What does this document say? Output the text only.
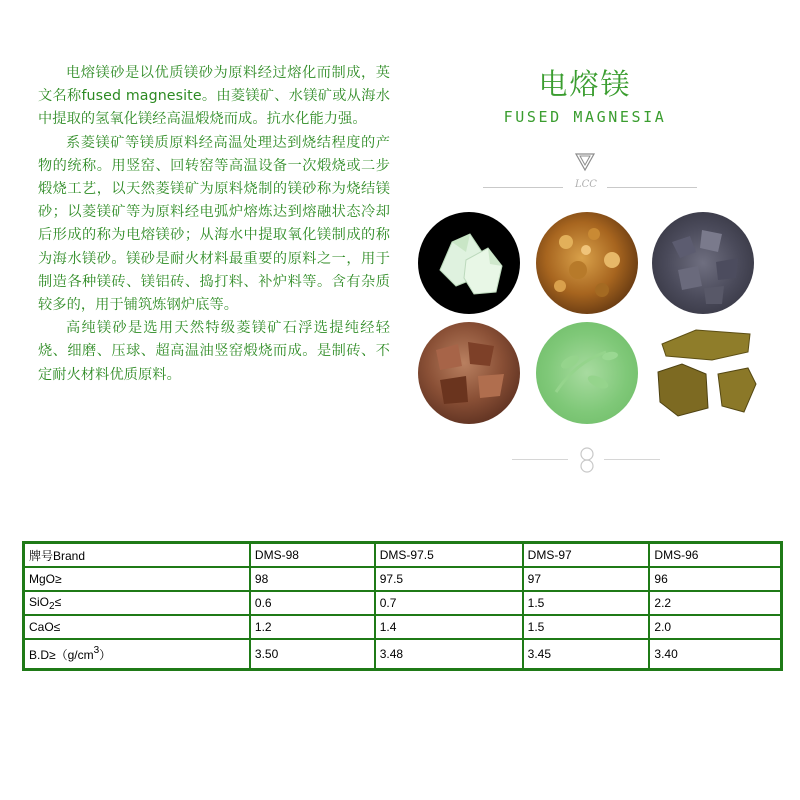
电熔镁砂是以优质镁砂为原料经过熔化而制成，英文名称fused magnesite。由菱镁矿、水镁矿或从海水中提取的氢氧化镁经高温煅烧而成。抗水化能力强。

系菱镁矿等镁质原料经高温处理达到烧结程度的产物的统称。用竖窑、回转窑等高温设备一次煅烧或二步煅烧工艺，以天然菱镁矿为原料烧制的镁砂称为烧结镁砂；以菱镁矿等为原料经电弧炉熔炼达到熔融状态冷却后形成的称为电熔镁砂；从海水中提取氧化镁制成的称为海水镁砂。镁砂是耐火材料最重要的原料之一，用于制造各种镁砖、镁铝砖、捣打料、补炉料等。含有杂质较多的，用于铺筑炼钢炉底等。

高纯镁砂是选用天然特级菱镁矿石浮选提纯经轻烧、细磨、压球、超高温油竖窑煅烧而成。是制砖、不定耐火材料优质原料。

电熔镁
FUSED MAGNESIA
LCC
牌号Brand	DMS-98	DMS-97.5	DMS-97	DMS-96
MgO≥	98	97.5	97	96
SiO$_2$≤	0.6	0.7	1.5	2.2
CaO≤	1.2	1.4	1.5	2.0
$B.D\ge(g/cm^3)$	3.50	3.48	3.45	3.40
